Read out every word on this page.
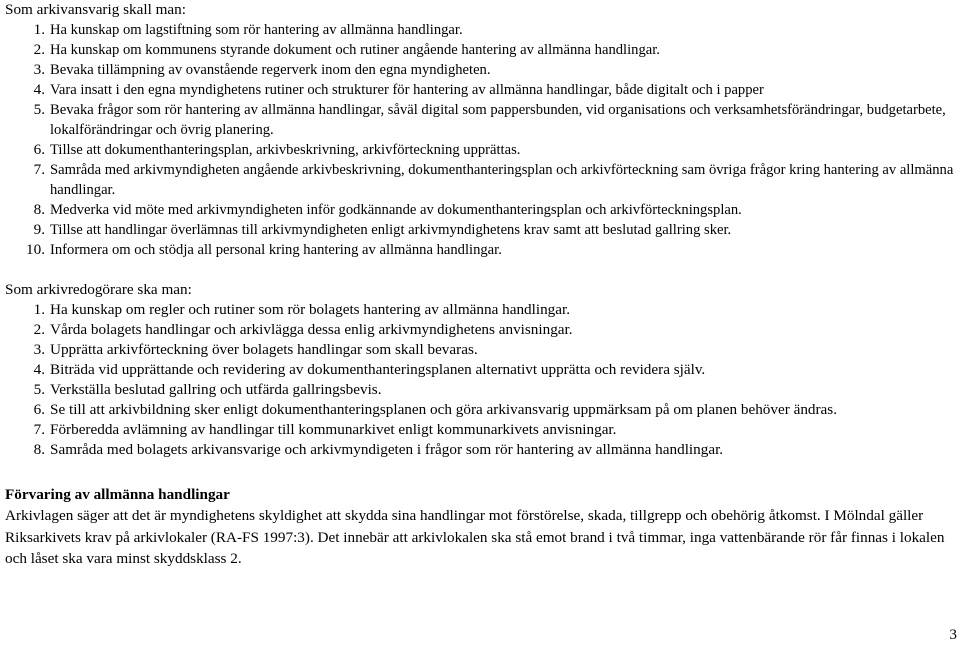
Som arkivansvarig skall man:

1. Ha kunskap om lagstiftning som rör hantering av allmänna handlingar.
2. Ha kunskap om kommunens styrande dokument och rutiner angående hantering av allmänna handlingar.
3. Bevaka tillämpning av ovanstående regerverk inom den egna myndigheten.
4. Vara insatt i den egna myndighetens rutiner och strukturer för hantering av allmänna handlingar, både digitalt och i papper
5. Bevaka frågor som rör hantering av allmänna handlingar, såväl digital som pappersbunden, vid organisations och verksamhetsförändringar, budgetarbete, lokalförändringar och övrig planering.
6. Tillse att dokumenthanteringsplan, arkivbeskrivning, arkivförteckning upprättas.
7. Samråda med arkivmyndigheten angående arkivbeskrivning, dokumenthanteringsplan och arkivförteckning sam övriga frågor kring hantering av allmänna handlingar.
8. Medverka vid möte med arkivmyndigheten inför godkännande av dokumenthanteringsplan och arkivförteckningsplan.
9. Tillse att handlingar överlämnas till arkivmyndigheten enligt arkivmyndighetens krav samt att beslutad gallring sker.
10. Informera om och stödja all personal kring hantering av allmänna handlingar.

Som arkivredogörare ska man:

1. Ha kunskap om regler och rutiner som rör bolagets hantering av allmänna handlingar.
2. Vårda bolagets handlingar och arkivlägga dessa enlig arkivmyndighetens anvisningar.
3. Upprätta arkivförteckning över bolagets handlingar som skall bevaras.
4. Biträda vid upprättande och revidering av dokumenthanteringsplanen alternativt upprätta och revidera själv.
5. Verkställa beslutad gallring och utfärda gallringsbevis.
6. Se till att arkivbildning sker enligt dokumenthanteringsplanen och göra arkivansvarig uppmärksam på om planen behöver ändras.
7. Förberedda avlämning av handlingar till kommunarkivet enligt kommunarkivets anvisningar.
8. Samråda med bolagets arkivansvarige och arkivmyndigeten i frågor som rör hantering av allmänna handlingar.

Förvaring av allmänna handlingar

Arkivlagen säger att det är myndighetens skyldighet att skydda sina handlingar mot förstörelse, skada, tillgrepp och obehörig åtkomst. I Mölndal gäller Riksarkivets krav på arkivlokaler (RA-FS 1997:3). Det innebär att arkivlokalen ska stå emot brand i två timmar, inga vattenbärande rör får finnas i lokalen och låset ska vara minst skyddsklass 2.

3
